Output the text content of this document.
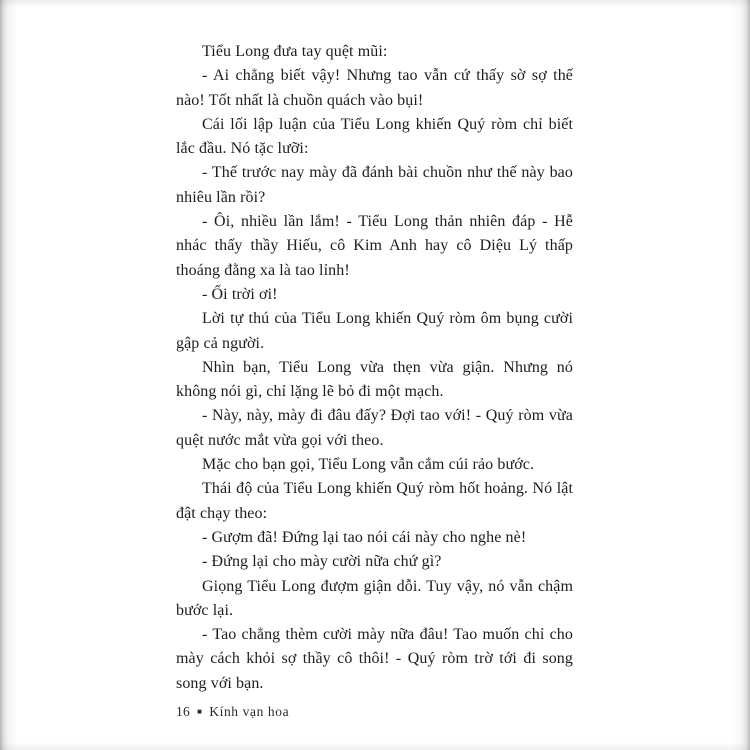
Tiểu Long đưa tay quệt mũi:

- Ai chẳng biết vậy! Nhưng tao vẫn cứ thấy sờ sợ thế nào! Tốt nhất là chuồn quách vào bụi!

Cái lối lập luận của Tiểu Long khiến Quý ròm chỉ biết lắc đầu. Nó tặc lưỡi:

- Thế trước nay mày đã đánh bài chuồn như thế này bao nhiêu lần rồi?

- Ôi, nhiều lần lắm! - Tiểu Long thản nhiên đáp - Hễ nhác thấy thầy Hiếu, cô Kim Anh hay cô Diệu Lý thấp thoáng đằng xa là tao lỉnh!

- Ối trời ơi!

Lời tự thú của Tiểu Long khiến Quý ròm ôm bụng cười gập cả người.

Nhìn bạn, Tiểu Long vừa thẹn vừa giận. Nhưng nó không nói gì, chỉ lặng lẽ bỏ đi một mạch.

- Này, này, mày đi đâu đấy? Đợi tao với! - Quý ròm vừa quệt nước mắt vừa gọi với theo.

Mặc cho bạn gọi, Tiểu Long vẫn cắm cúi rảo bước.

Thái độ của Tiểu Long khiến Quý ròm hốt hoảng. Nó lật đật chạy theo:

- Gượm đã! Đứng lại tao nói cái này cho nghe nè!

- Đứng lại cho mày cười nữa chứ gì?

Giọng Tiểu Long đượm giận dỗi. Tuy vậy, nó vẫn chậm bước lại.

- Tao chẳng thèm cười mày nữa đâu! Tao muốn chỉ cho mày cách khỏi sợ thầy cô thôi! - Quý ròm trờ tới đi song song với bạn.

16 ■ Kính vạn hoa
